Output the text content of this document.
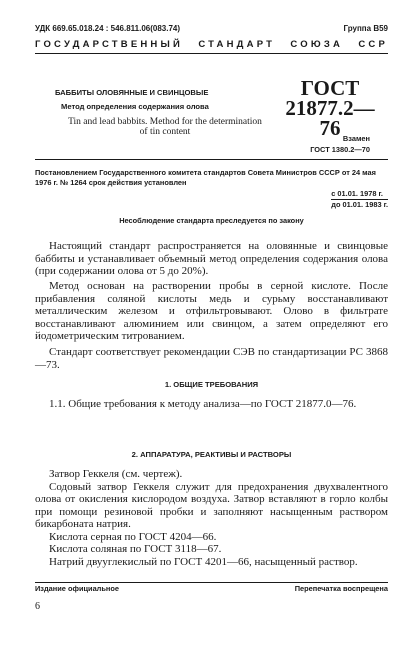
УДК 669.65.018.24 : 546.811.06(083.74)	Группа B59
ГОСУДАРСТВЕННЫЙ СТАНДАРТ СОЮЗА ССР
БАББИТЫ ОЛОВЯННЫЕ И СВИНЦОВЫЕ
Метод определения содержания олова
Tin and lead babbits. Method for the determination
of tin content
ГОСТ
21877.2—76 Взамен
ГОСТ 1380.2—70
Постановлением Государственного комитета стандартов Совета Министров СССР от 24 мая 1976 г. № 1264 срок действия установлен
с 01.01. 1978 г.
до 01.01. 1983 г.
Несоблюдение стандарта преследуется по закону

Настоящий стандарт распространяется на оловянные и свинцовые баббиты и устанавливает объемный метод определения содержания олова (при содержании олова от 5 до 20%).

Метод основан на растворении пробы в серной кислоте. После прибавления соляной кислоты медь и сурьму восстанавливают металлическим железом и отфильтровывают. Олово в фильтрате восстанавливают алюминием или свинцом, а затем определяют его йодометрическим титрованием.

Стандарт соответствует рекомендации СЭВ по стандартизации РС 3868—73.

1. ОБЩИЕ ТРЕБОВАНИЯ

1.1. Общие требования к методу анализа—по ГОСТ 21877.0—76.

2. АППАРАТУРА, РЕАКТИВЫ И РАСТВОРЫ

Затвор Геккеля (см. чертеж).

Содовый затвор Геккеля служит для предохранения двухвалентного олова от окисления кислородом воздуха. Затвор вставляют в горло колбы при помощи резиновой пробки и заполняют насыщенным раствором бикарбоната натрия.

Кислота серная по ГОСТ 4204—66.

Кислота соляная по ГОСТ 3118—67.

Натрий двууглекислый по ГОСТ 4201—66, насыщенный раствор.

Издание официальное	Перепечатка воспрещена
6
